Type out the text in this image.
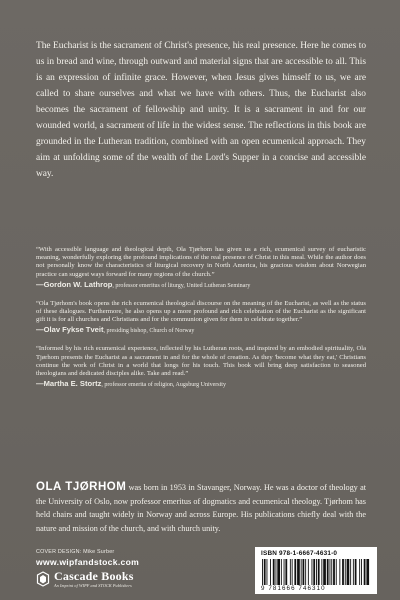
The Eucharist is the sacrament of Christ's presence, his real presence. Here he comes to us in bread and wine, through outward and material signs that are accessible to all. This is an expression of infinite grace. However, when Jesus gives himself to us, we are called to share ourselves and what we have with others. Thus, the Eucharist also becomes the sacrament of fellowship and unity. It is a sacrament in and for our wounded world, a sacrament of life in the widest sense. The reflections in this book are grounded in the Lutheran tradition, combined with an open ecumenical approach. They aim at unfolding some of the wealth of the Lord's Supper in a concise and accessible way.

“With accessible language and theological depth, Ola Tjørhom has given us a rich, ecumenical survey of eucharistic meaning, wonderfully exploring the profound implications of the real presence of Christ in this meal. While the author does not personally know the characteristics of liturgical recovery in North America, his gracious wisdom about Norwegian practice can suggest ways forward for many regions of the church.”
—Gordon W. Lathrop, professor emeritus of liturgy, United Lutheran Seminary
“Ola Tjørhom's book opens the rich ecumenical theological discourse on the meaning of the Eucharist, as well as the status of these dialogues. Furthermore, he also opens up a more profound and rich celebration of the Eucharist as the significant gift it is for all churches and Christians and for the communion given for them to celebrate together.”
—Olav Fykse Tveit, presiding bishop, Church of Norway
“Informed by his rich ecumenical experience, inflected by his Lutheran roots, and inspired by an embodied spirituality, Ola Tjørhom presents the Eucharist as a sacrament in and for the whole of creation. As they 'become what they eat,' Christians continue the work of Christ in a world that longs for his touch. This book will bring deep satisfaction to seasoned theologians and dedicated disciples alike. Take and read.”
—Martha E. Stortz, professor emerita of religion, Augsburg University
OLA TJØRHOM was born in 1953 in Stavanger, Norway. He was a doctor of theology at the University of Oslo, now professor emeritus of dogmatics and ecumenical theology. Tjørhom has held chairs and taught widely in Norway and across Europe. His publications chiefly deal with the nature and mission of the church, and with church unity.
COVER DESIGN: Mike Surber
www.wipfandstock.com
Cascade Books
An Imprint of WIPF and STOCK Publishers
ISBN 978-1-6667-4631-0
9 781666 746310
